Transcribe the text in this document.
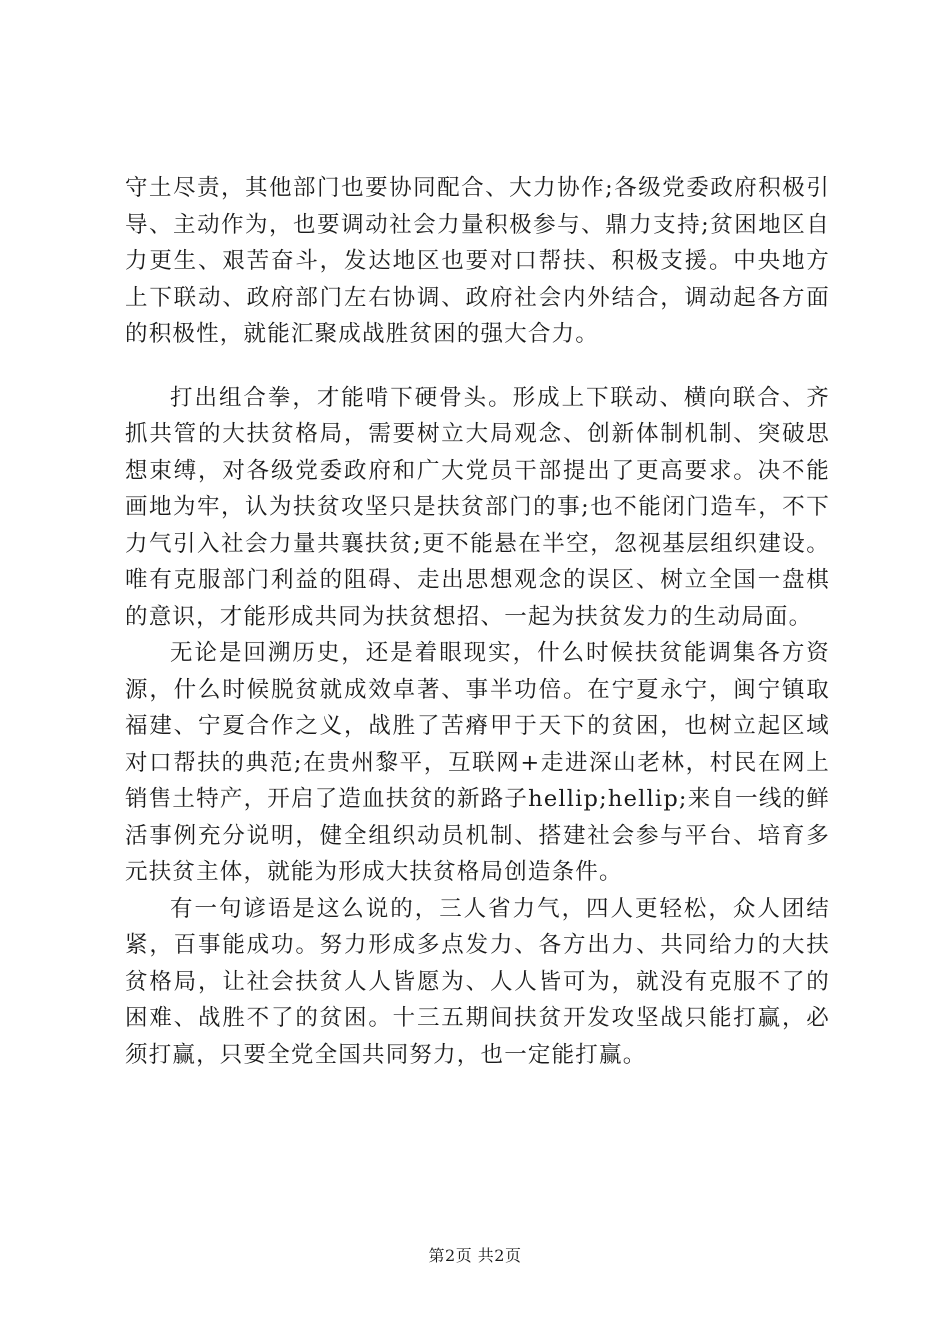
守土尽责，其他部门也要协同配合、大力协作;各级党委政府积极引导、主动作为，也要调动社会力量积极参与、鼎力支持;贫困地区自力更生、艰苦奋斗，发达地区也要对口帮扶、积极支援。中央地方上下联动、政府部门左右协调、政府社会内外结合，调动起各方面的积极性，就能汇聚成战胜贫困的强大合力。

打出组合拳，才能啃下硬骨头。形成上下联动、横向联合、齐抓共管的大扶贫格局，需要树立大局观念、创新体制机制、突破思想束缚，对各级党委政府和广大党员干部提出了更高要求。决不能画地为牢，认为扶贫攻坚只是扶贫部门的事;也不能闭门造车，不下力气引入社会力量共襄扶贫;更不能悬在半空，忽视基层组织建设。唯有克服部门利益的阻碍、走出思想观念的误区、树立全国一盘棋的意识，才能形成共同为扶贫想招、一起为扶贫发力的生动局面。

无论是回溯历史，还是着眼现实，什么时候扶贫能调集各方资源，什么时候脱贫就成效卓著、事半功倍。在宁夏永宁，闽宁镇取福建、宁夏合作之义，战胜了苦瘠甲于天下的贫困，也树立起区域对口帮扶的典范;在贵州黎平，互联网+走进深山老林，村民在网上销售土特产，开启了造血扶贫的新路子hellip;hellip;来自一线的鲜活事例充分说明，健全组织动员机制、搭建社会参与平台、培育多元扶贫主体，就能为形成大扶贫格局创造条件。

有一句谚语是这么说的，三人省力气，四人更轻松，众人团结紧，百事能成功。努力形成多点发力、各方出力、共同给力的大扶贫格局，让社会扶贫人人皆愿为、人人皆可为，就没有克服不了的困难、战胜不了的贫困。十三五期间扶贫开发攻坚战只能打赢，必须打赢，只要全党全国共同努力，也一定能打赢。

第2页 共2页
